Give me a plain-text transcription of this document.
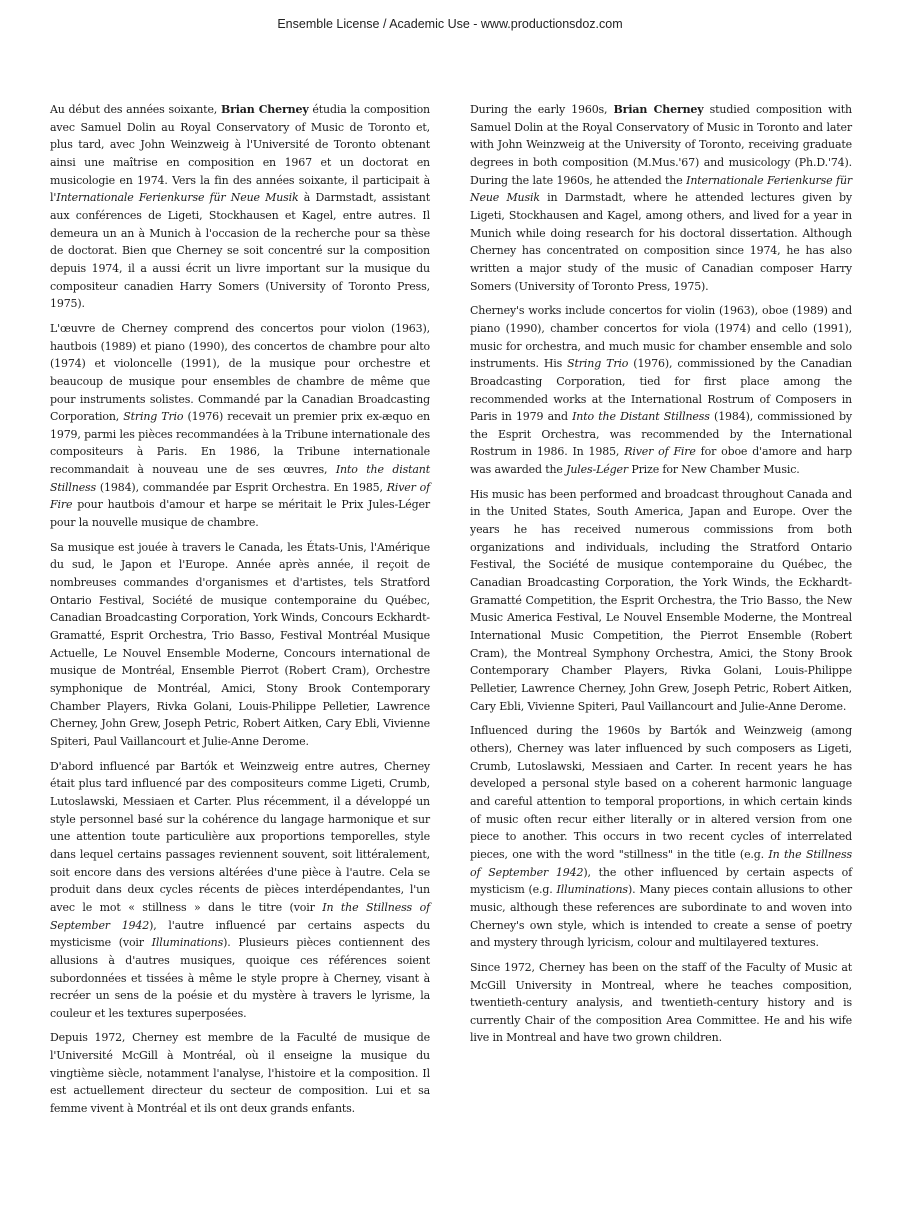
Ensemble License / Academic Use - www.productionsdoz.com

Au début des années soixante, Brian Cherney étudia la composition avec Samuel Dolin au Royal Conservatory of Music de Toronto et, plus tard, avec John Weinzweig à l'Université de Toronto obtenant ainsi une maîtrise en composition en 1967 et un doctorat en musicologie en 1974. Vers la fin des années soixante, il participait à l'Internationale Ferienkurse für Neue Musik à Darmstadt, assistant aux conférences de Ligeti, Stockhausen et Kagel, entre autres. Il demeura un an à Munich à l'occasion de la recherche pour sa thèse de doctorat. Bien que Cherney se soit concentré sur la composition depuis 1974, il a aussi écrit un livre important sur la musique du compositeur canadien Harry Somers (University of Toronto Press, 1975).

L'œuvre de Cherney comprend des concertos pour violon (1963), hautbois (1989) et piano (1990), des concertos de chambre pour alto (1974) et violoncelle (1991), de la musique pour orchestre et beaucoup de musique pour ensembles de chambre de même que pour instruments solistes. Commandé par la Canadian Broadcasting Corporation, String Trio (1976) recevait un premier prix ex-æquo en 1979, parmi les pièces recommandées à la Tribune internationale des compositeurs à Paris. En 1986, la Tribune internationale recommandait à nouveau une de ses œuvres, Into the distant Stillness (1984), commandée par Esprit Orchestra. En 1985, River of Fire pour hautbois d'amour et harpe se méritait le Prix Jules-Léger pour la nouvelle musique de chambre.

Sa musique est jouée à travers le Canada, les États-Unis, l'Amérique du sud, le Japon et l'Europe. Année après année, il reçoit de nombreuses commandes d'organismes et d'artistes, tels Stratford Ontario Festival, Société de musique contemporaine du Québec, Canadian Broadcasting Corporation, York Winds, Concours Eckhardt-Gramatté, Esprit Orchestra, Trio Basso, Festival Montréal Musique Actuelle, Le Nouvel Ensemble Moderne, Concours international de musique de Montréal, Ensemble Pierrot (Robert Cram), Orchestre symphonique de Montréal, Amici, Stony Brook Contemporary Chamber Players, Rivka Golani, Louis-Philippe Pelletier, Lawrence Cherney, John Grew, Joseph Petric, Robert Aitken, Cary Ebli, Vivienne Spiteri, Paul Vaillancourt et Julie-Anne Derome.

D'abord influencé par Bartók et Weinzweig entre autres, Cherney était plus tard influencé par des compositeurs comme Ligeti, Crumb, Lutoslawski, Messiaen et Carter. Plus récemment, il a développé un style personnel basé sur la cohérence du langage harmonique et sur une attention toute particulière aux proportions temporelles, style dans lequel certains passages reviennent souvent, soit littéralement, soit encore dans des versions altérées d'une pièce à l'autre. Cela se produit dans deux cycles récents de pièces interdépendantes, l'un avec le mot « stillness » dans le titre (voir In the Stillness of September 1942), l'autre influencé par certains aspects du mysticisme (voir Illuminations). Plusieurs pièces contiennent des allusions à d'autres musiques, quoique ces références soient subordonnées et tissées à même le style propre à Cherney, visant à recréer un sens de la poésie et du mystère à travers le lyrisme, la couleur et les textures superposées.

Depuis 1972, Cherney est membre de la Faculté de musique de l'Université McGill à Montréal, où il enseigne la musique du vingtième siècle, notamment l'analyse, l'histoire et la composition. Il est actuellement directeur du secteur de composition. Lui et sa femme vivent à Montréal et ils ont deux grands enfants.

During the early 1960s, Brian Cherney studied composition with Samuel Dolin at the Royal Conservatory of Music in Toronto and later with John Weinzweig at the University of Toronto, receiving graduate degrees in both composition (M.Mus.'67) and musicology (Ph.D.'74). During the late 1960s, he attended the Internationale Ferienkurse für Neue Musik in Darmstadt, where he attended lectures given by Ligeti, Stockhausen and Kagel, among others, and lived for a year in Munich while doing research for his doctoral dissertation. Although Cherney has concentrated on composition since 1974, he has also written a major study of the music of Canadian composer Harry Somers (University of Toronto Press, 1975).

Cherney's works include concertos for violin (1963), oboe (1989) and piano (1990), chamber concertos for viola (1974) and cello (1991), music for orchestra, and much music for chamber ensemble and solo instruments. His String Trio (1976), commissioned by the Canadian Broadcasting Corporation, tied for first place among the recommended works at the International Rostrum of Composers in Paris in 1979 and Into the Distant Stillness (1984), commissioned by the Esprit Orchestra, was recommended by the International Rostrum in 1986. In 1985, River of Fire for oboe d'amore and harp was awarded the Jules-Léger Prize for New Chamber Music.

His music has been performed and broadcast throughout Canada and in the United States, South America, Japan and Europe. Over the years he has received numerous commissions from both organizations and individuals, including the Stratford Ontario Festival, the Société de musique contemporaine du Québec, the Canadian Broadcasting Corporation, the York Winds, the Eckhardt-Gramatté Competition, the Esprit Orchestra, the Trio Basso, the New Music America Festival, Le Nouvel Ensemble Moderne, the Montreal International Music Competition, the Pierrot Ensemble (Robert Cram), the Montreal Symphony Orchestra, Amici, the Stony Brook Contemporary Chamber Players, Rivka Golani, Louis-Philippe Pelletier, Lawrence Cherney, John Grew, Joseph Petric, Robert Aitken, Cary Ebli, Vivienne Spiteri, Paul Vaillancourt and Julie-Anne Derome.

Influenced during the 1960s by Bartók and Weinzweig (among others), Cherney was later influenced by such composers as Ligeti, Crumb, Lutoslawski, Messiaen and Carter. In recent years he has developed a personal style based on a coherent harmonic language and careful attention to temporal proportions, in which certain kinds of music often recur either literally or in altered version from one piece to another. This occurs in two recent cycles of interrelated pieces, one with the word "stillness" in the title (e.g. In the Stillness of September 1942), the other influenced by certain aspects of mysticism (e.g. Illuminations). Many pieces contain allusions to other music, although these references are subordinate to and woven into Cherney's own style, which is intended to create a sense of poetry and mystery through lyricism, colour and multilayered textures.

Since 1972, Cherney has been on the staff of the Faculty of Music at McGill University in Montreal, where he teaches composition, twentieth-century analysis, and twentieth-century history and is currently Chair of the composition Area Committee. He and his wife live in Montreal and have two grown children.
